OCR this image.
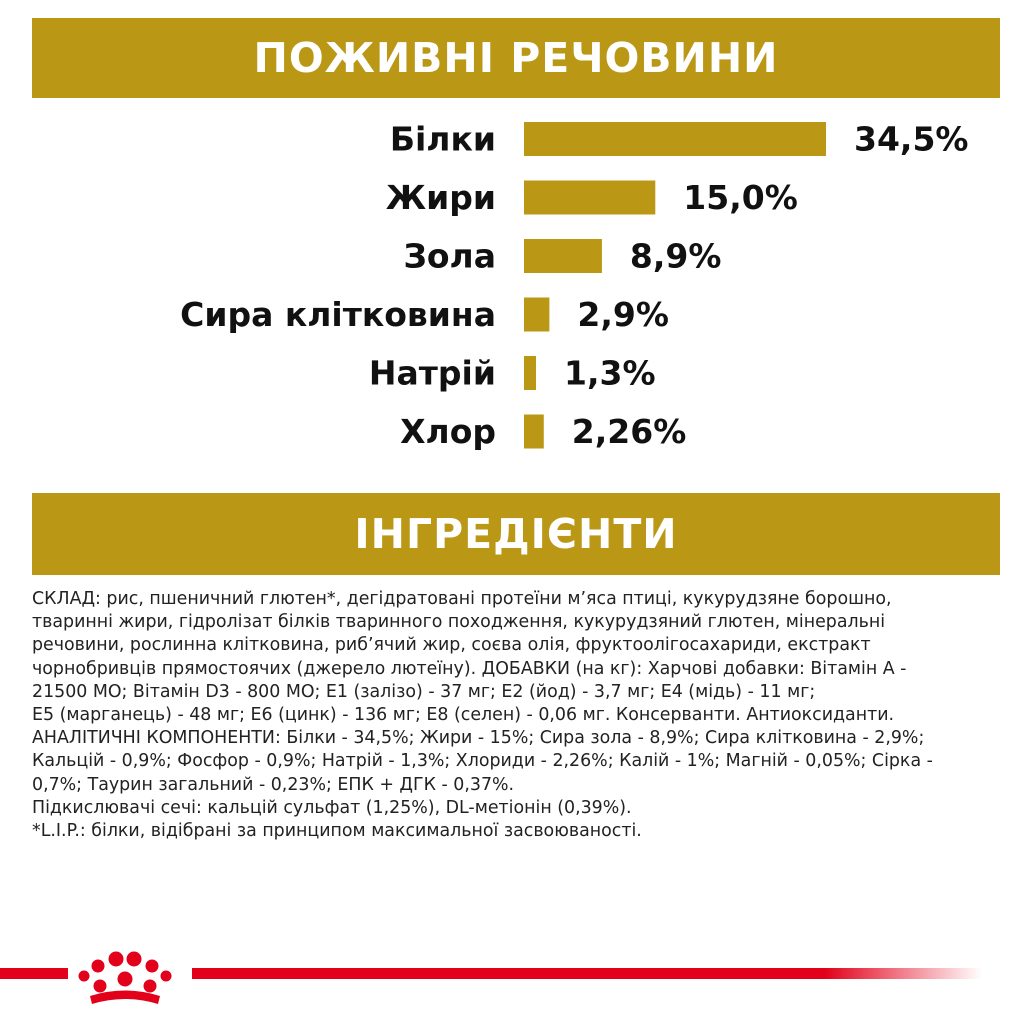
ПОЖИВНІ РЕЧОВИНИ
Білки	34,5%
Жири	15,0%
Зола	8,9%
Сира клітковина 2,9%
Натрій 1,3%
Хлор 2,26%
ІНГРЕДІЄНТИ

СКЛАД: рис, пшеничний глютен*, дегідратовані протеїни м’яса птиці, кукурудзяне борошно,
тваринні жири, гідролізат білків тваринного походження, кукурудзяний глютен, мінеральні
речовини, рослинна клітковина, риб’ячий жир, соєва олія, фруктоолігосахариди, екстракт
чорнобривців прямостоячих (джерело лютеїну). ДОБАВКИ (на кг): Харчові добавки: Вітамін А -
21500 МО; Вітамін D3 - 800 МО; Е1 (залізо) - 37 мг; Е2 (йод) - 3,7 мг; Е4 (мідь) - 11 мг;
Е5 (марганець) - 48 мг; Е6 (цинк) - 136 мг; Е8 (селен) - 0,06 мг. Консерванти. Антиоксиданти.
АНАЛІТИЧНІ КОМПОНЕНТИ: Білки - 34,5%; Жири - 15%; Сира зола - 8,9%; Сира клітковина - 2,9%;
Кальцій - 0,9%; Фосфор - 0,9%; Натрій - 1,3%; Хлориди - 2,26%; Калій - 1%; Магній - 0,05%; Сірка -
0,7%; Таурин загальний - 0,23%; ЕПК + ДГК - 0,37%.
Підкислювачі сечі: кальцій сульфат (1,25%), DL-метіонін (0,39%).
*L.I.P.: білки, відібрані за принципом максимальної засвоюваності.
